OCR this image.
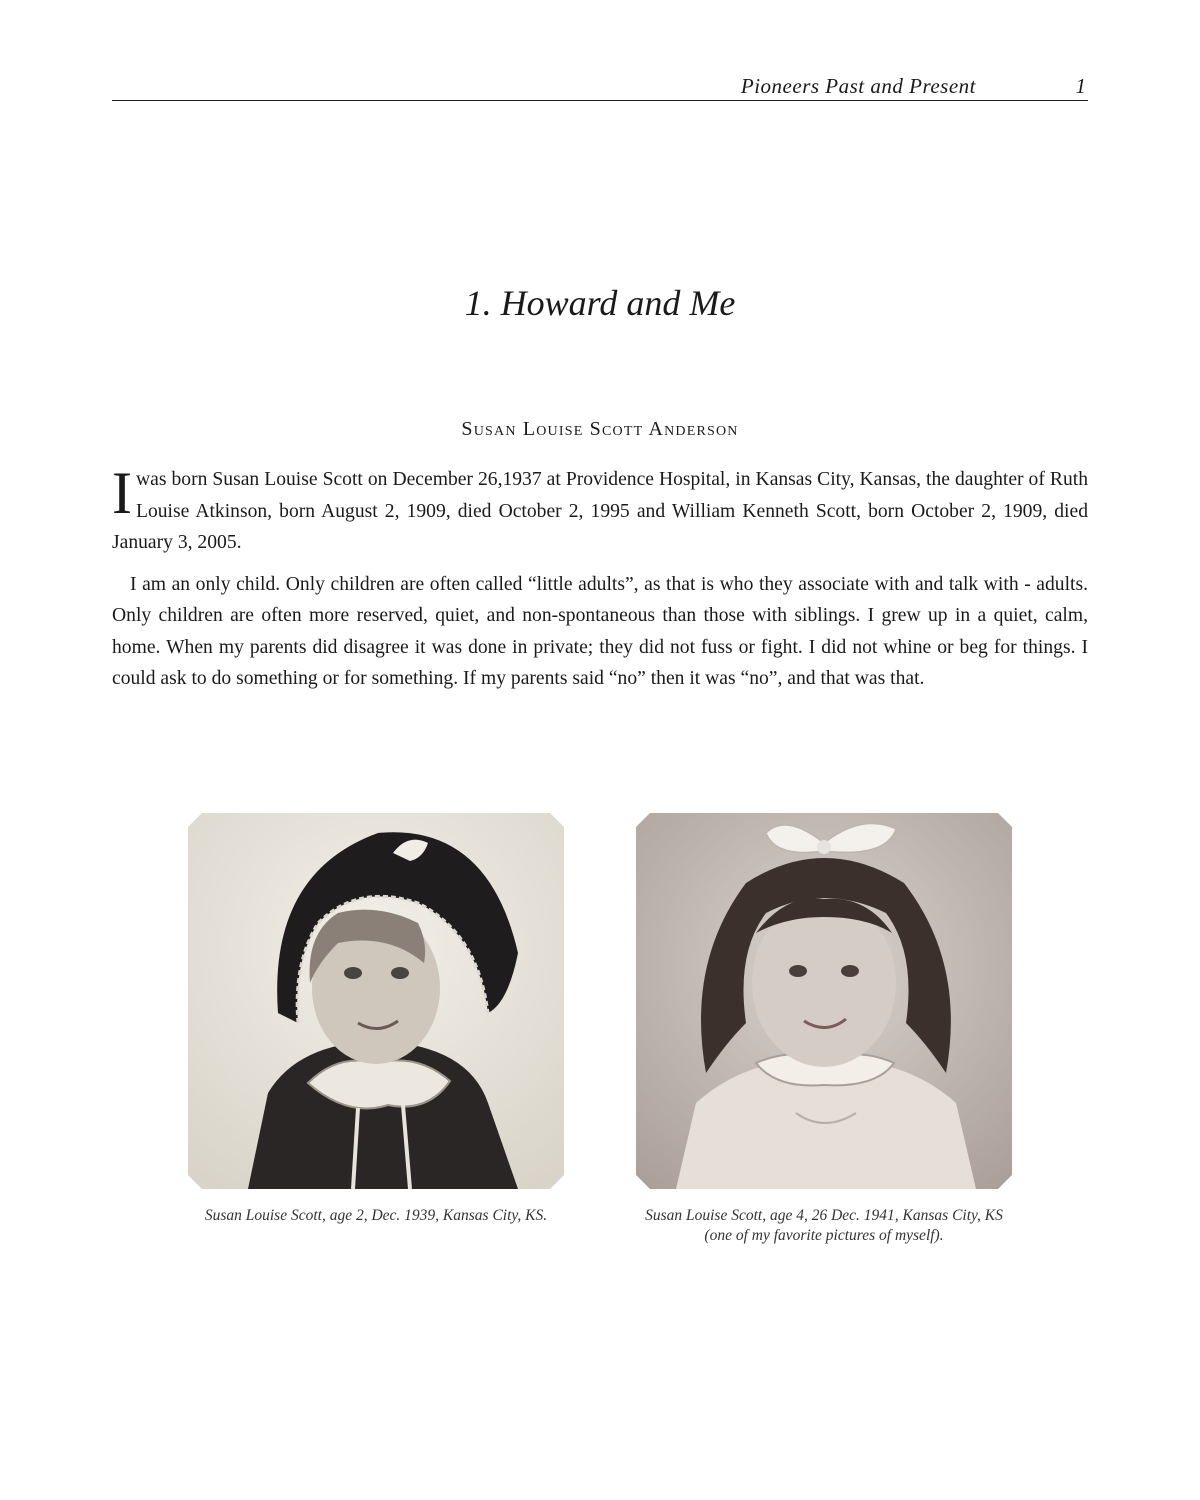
Pioneers Past and Present	1
1. Howard and Me
Susan Louise Scott Anderson

Iwas born Susan Louise Scott on December 26,1937 at Providence Hospital, in Kansas City, Kansas, the daughter of Ruth Louise Atkinson, born August 2, 1909, died October 2, 1995 and William Kenneth Scott, born October 2, 1909, died January 3, 2005.

I am an only child. Only children are often called “little adults”, as that is who they associate with and talk with - adults. Only children are often more reserved, quiet, and non-spontaneous than those with siblings. I grew up in a quiet, calm, home. When my parents did disagree it was done in private; they did not fuss or fight. I did not whine or beg for things. I could ask to do something or for something. If my parents said “no” then it was “no”, and that was that.

Susan Louise Scott, age 2, Dec. 1939, Kansas City, KS.	Susan Louise Scott, age 4, 26 Dec. 1941, Kansas City, KS (one of my favorite pictures of myself).
